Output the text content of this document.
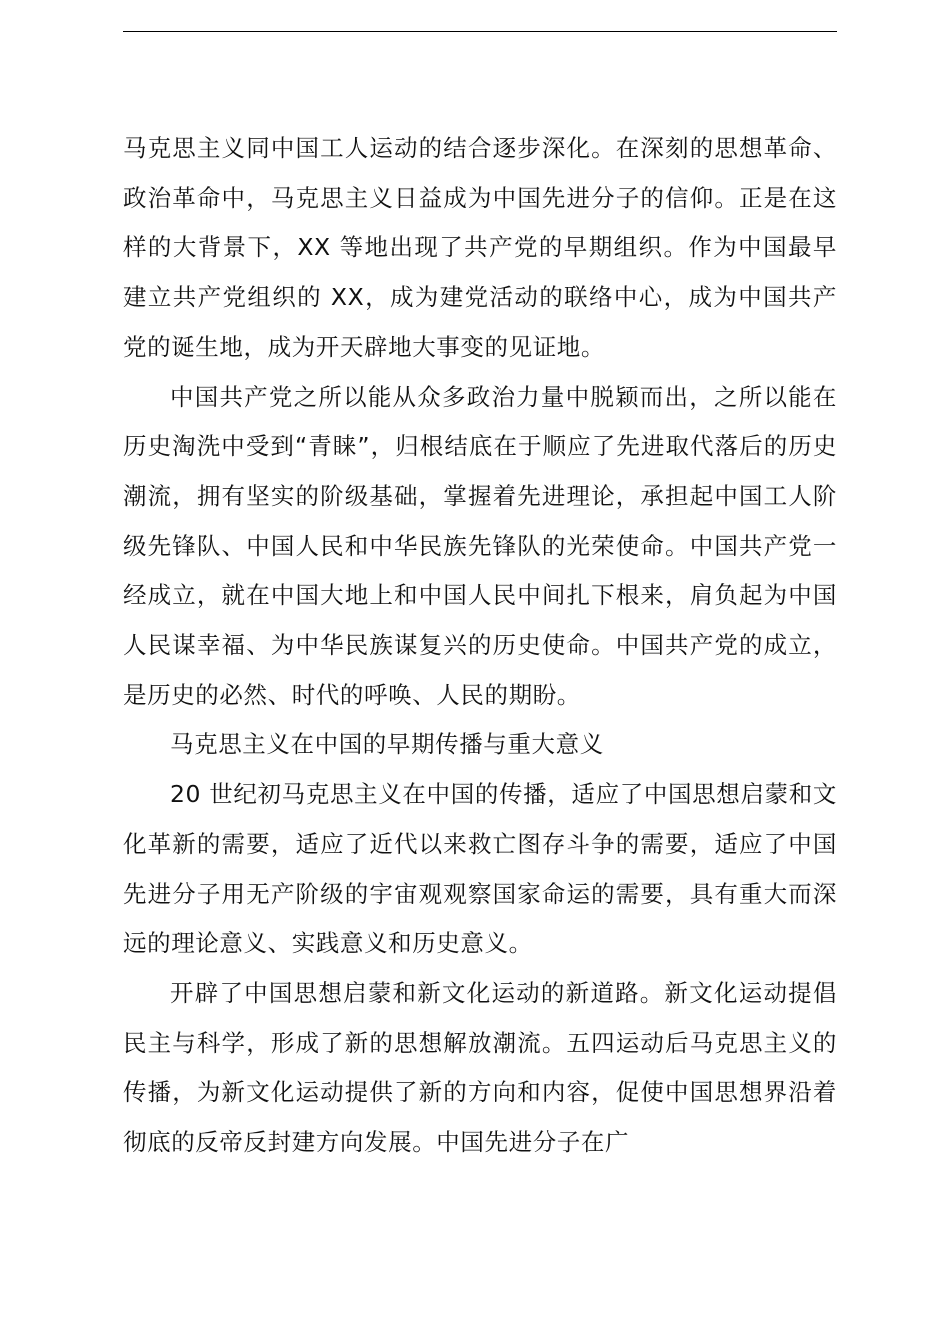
马克思主义同中国工人运动的结合逐步深化。在深刻的思想革命、政治革命中，马克思主义日益成为中国先进分子的信仰。正是在这样的大背景下，XX 等地出现了共产党的早期组织。作为中国最早建立共产党组织的 XX，成为建党活动的联络中心，成为中国共产党的诞生地，成为开天辟地大事变的见证地。

中国共产党之所以能从众多政治力量中脱颖而出，之所以能在历史淘洗中受到“青睐”，归根结底在于顺应了先进取代落后的历史潮流，拥有坚实的阶级基础，掌握着先进理论，承担起中国工人阶级先锋队、中国人民和中华民族先锋队的光荣使命。中国共产党一经成立，就在中国大地上和中国人民中间扎下根来，肩负起为中国人民谋幸福、为中华民族谋复兴的历史使命。中国共产党的成立，是历史的必然、时代的呼唤、人民的期盼。

马克思主义在中国的早期传播与重大意义

20 世纪初马克思主义在中国的传播，适应了中国思想启蒙和文化革新的需要，适应了近代以来救亡图存斗争的需要，适应了中国先进分子用无产阶级的宇宙观观察国家命运的需要，具有重大而深远的理论意义、实践意义和历史意义。

开辟了中国思想启蒙和新文化运动的新道路。新文化运动提倡民主与科学，形成了新的思想解放潮流。五四运动后马克思主义的传播，为新文化运动提供了新的方向和内容，促使中国思想界沿着彻底的反帝反封建方向发展。中国先进分子在广
